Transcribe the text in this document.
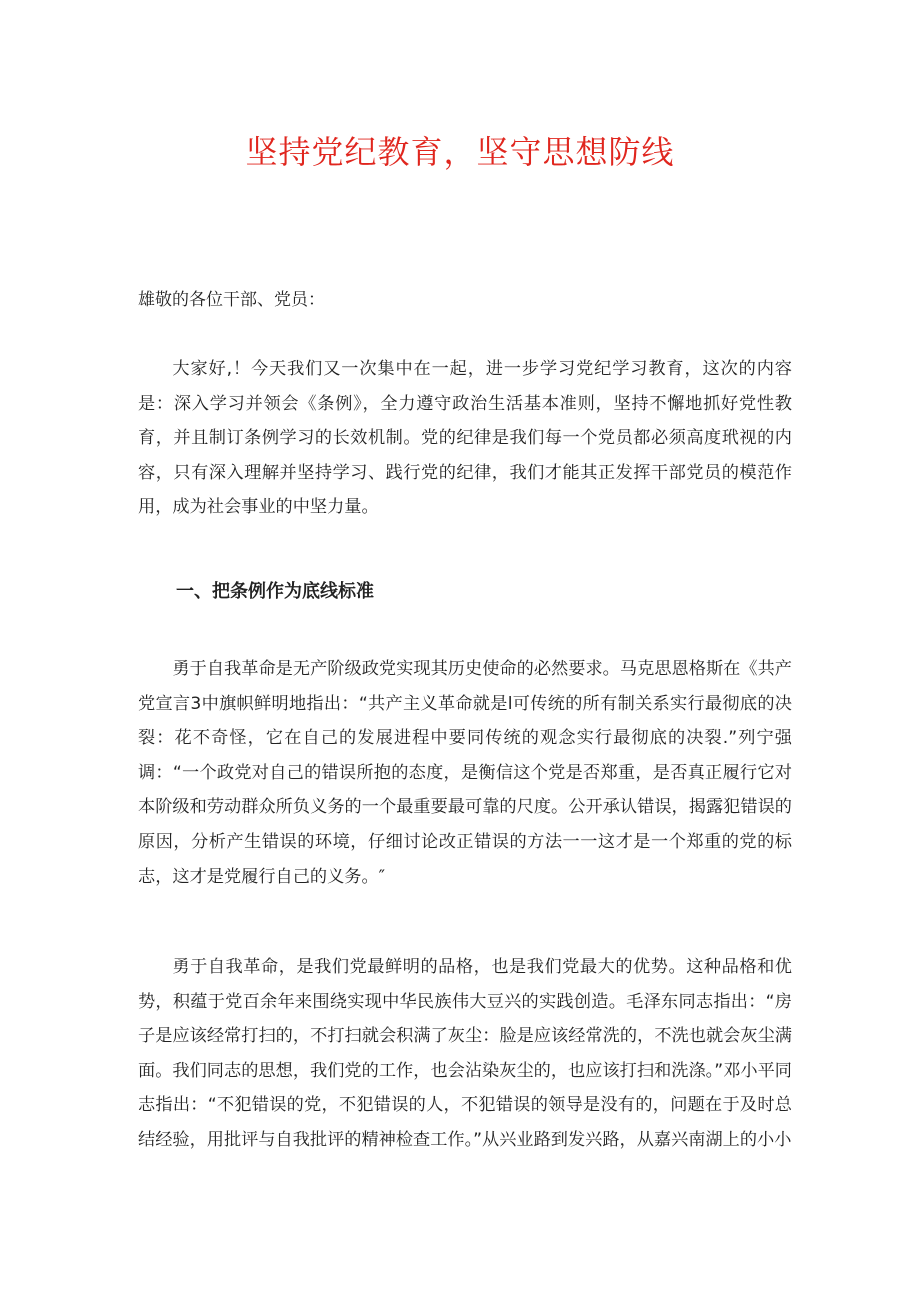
坚持党纪教育，坚守思想防线
雄敬的各位干部、党员：

大家好,！今天我们又一次集中在一起，进一步学习党纪学习教育，这次的内容是：深入学习并领会《条例》，全力遵守政治生活基本准则，坚持不懈地抓好党性教育，并且制订条例学习的长效机制。党的纪律是我们每一个党员都必须高度玳视的内容，只有深入理解并坚持学习、践行党的纪律，我们才能其正发挥干部党员的模范作用，成为社会事业的中坚力量。

一、把条例作为底线标准

勇于自我革命是无产阶级政党实现其历史使命的必然要求。马克思恩格斯在《共产党宣言3中旗帜鲜明地指出：“共产主义革命就是l可传统的所有制关系实行最彻底的决裂：花不奇怪，它在自己的发展进程中要同传统的观念实行最彻底的决裂.”列宁强调：“一个政党对自己的错误所抱的态度，是衡信这个党是否郑重，是否真正履行它对本阶级和劳动群众所负义务的一个最重要最可靠的尺度。公开承认错误，揭露犯错误的原因，分析产生错误的环境，仔细讨论改正错误的方法一一这才是一个郑重的党的标志，这才是党履行自己的义务。″

勇于自我革命，是我们党最鲜明的品格，也是我们党最大的优势。这种品格和优势，积蕴于党百余年来围绕实现中华民族伟大豆兴的实践创造。毛泽东同志指出：“房子是应该经常打扫的，不打扫就会积满了灰尘：脸是应该经常洗的，不洗也就会灰尘满面。我们同志的思想，我们党的工作，也会沾染灰尘的，也应该打扫和洗涤。”邓小平同志指出：“不犯错误的党，不犯错误的人，不犯错误的领导是没有的，问题在于及时总结经验，用批评与自我批评的精神检查工作。”从兴业路到发兴路，从嘉兴南湖上的小小
